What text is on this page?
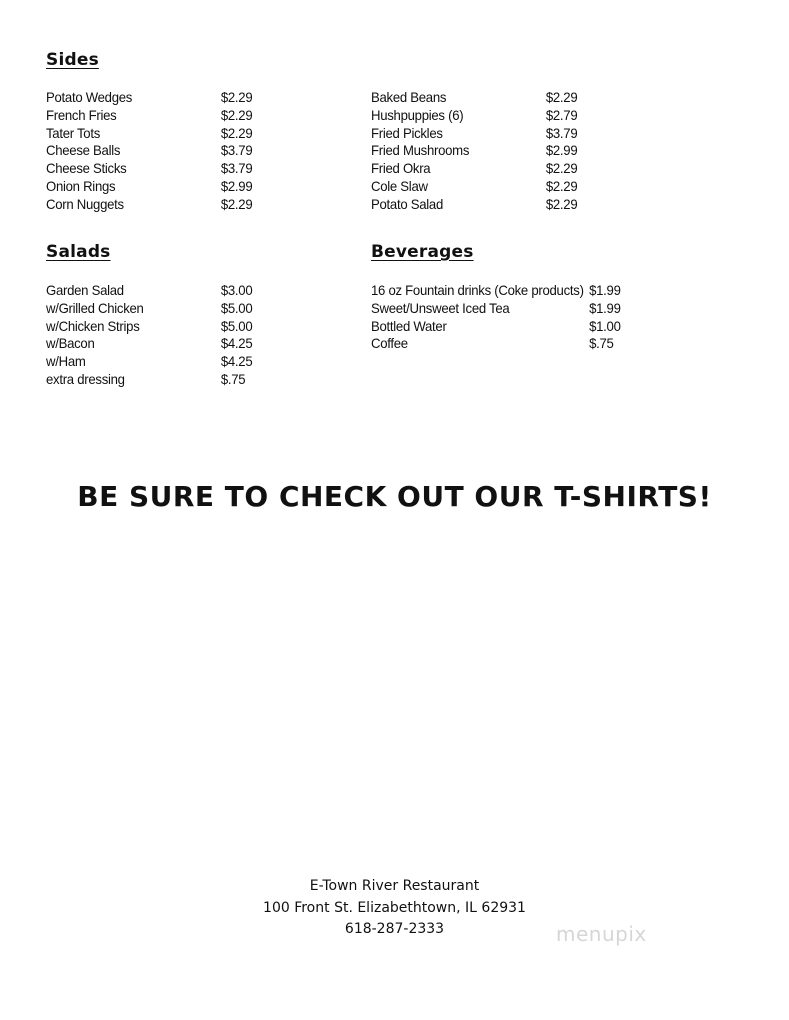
Sides
Potato Wedges	$2.29
French Fries	$2.29
Tater Tots	$2.29
Cheese Balls	$3.79
Cheese Sticks	$3.79
Onion Rings	$2.99
Corn Nuggets	$2.29
Baked Beans	$2.29
Hushpuppies (6)	$2.79
Fried Pickles	$3.79
Fried Mushrooms	$2.99
Fried Okra	$2.29
Cole Slaw	$2.29
Potato Salad	$2.29
Salads
Garden Salad	$3.00
w/Grilled Chicken	$5.00
w/Chicken Strips	$5.00
w/Bacon	$4.25
w/Ham	$4.25
extra dressing	$.75
Beverages
16 oz Fountain drinks (Coke products) $1.99
Sweet/Unsweet Iced Tea	$1.99
Bottled Water	$1.00
Coffee	$.75

BE SURE TO CHECK OUT OUR T-SHIRTS!

E-Town River Restaurant
100 Front St. Elizabethtown, IL 62931
618-287-2333	menupix
